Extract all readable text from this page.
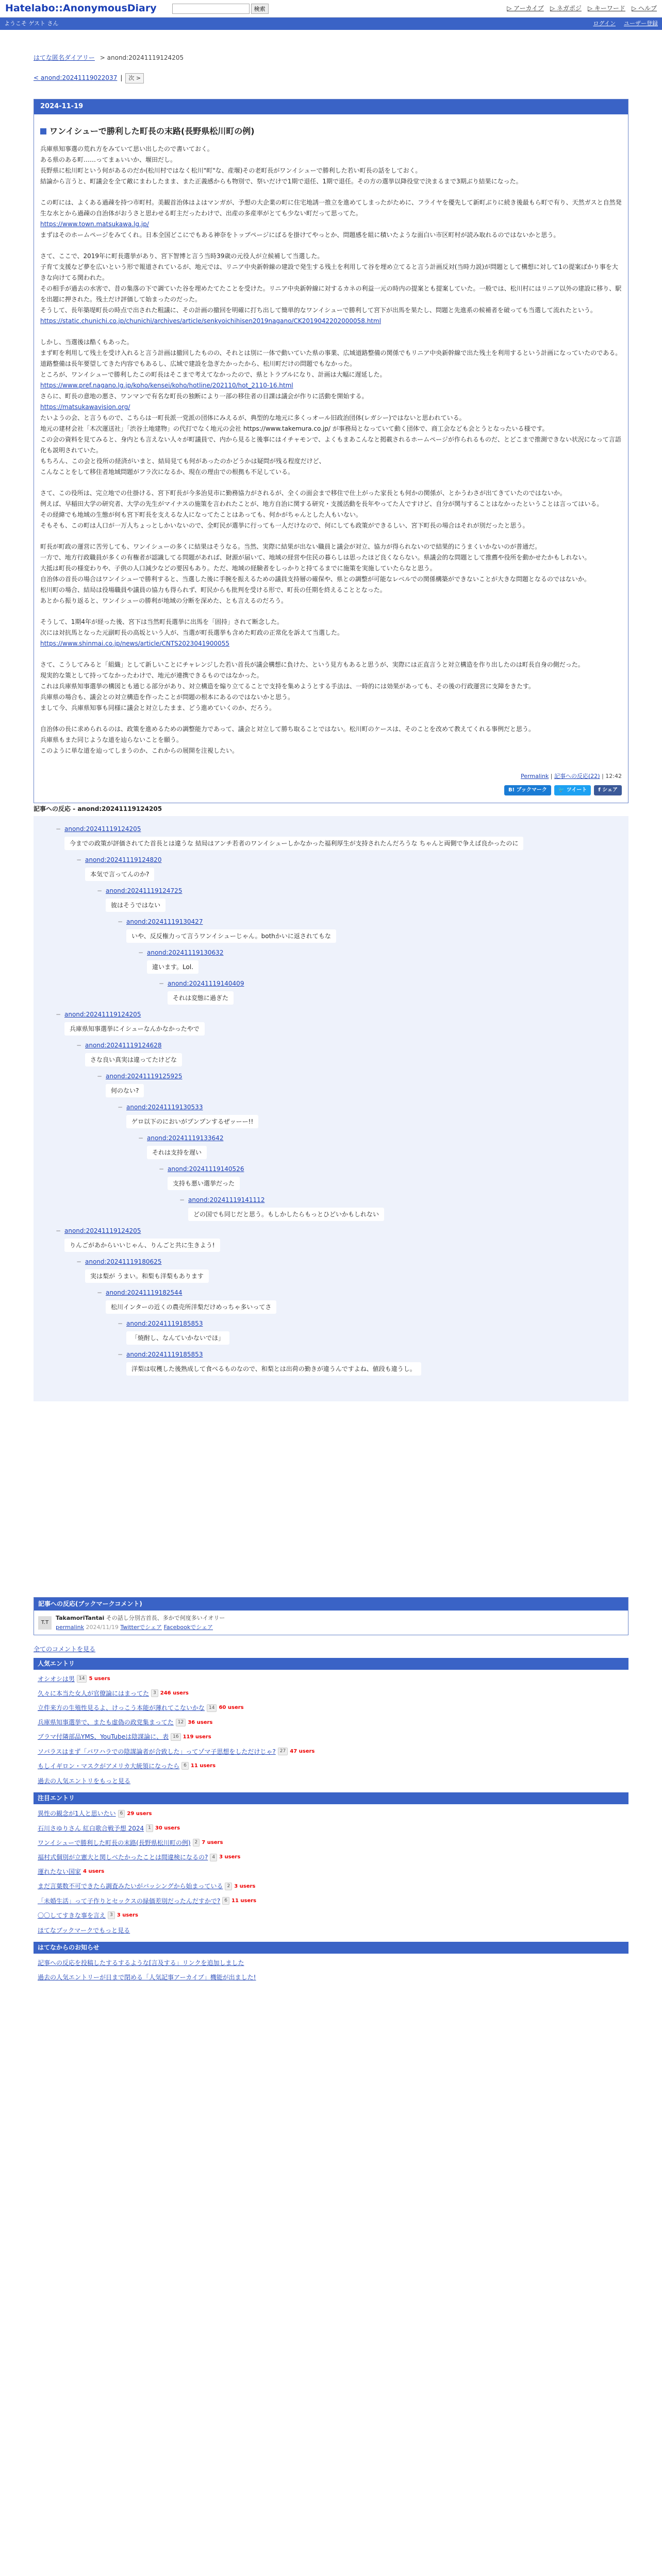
Hatelabo::AnonymousDiary	検索	▷ アーカイブ ▷ ネガポジ ▷ キーワード ▷ ヘルプ
ようこそ ゲスト さん	ログイン ユーザー登録
はてな匿名ダイアリー > anond:20241119124205
< anond:20241119022037 |	次 >
2024-11-19
ワンイシューで勝利した町長の末路(長野県松川町の例)

兵庫県知事選の荒れ方をみていて思い出したので書いておく。

ある県のある町……ってまぁいいか、堰田だし。

長野県に松川町という何があるのだか(松川村ではなく松川"町"な、産堰)その老町長がワンイシューで勝利した若い町長の話をしておく。

結論から言うと、町議会を全て敵にまわしたまま、また正義感からも物別で、祭いだけで1期で退任、1期で退任。その方の選挙以降役堂で決まるまで3期ぶり結果になった。

この町には、よくある過疎を持つ市町村。美観首治体はよはマンガが、予想の大企業の町に住宅地誘一推立を進めてしまったがために、フライヤを優先して新町ぶりに続き後最もら町で有り、天然ガスと自然発生な水とから過疎の自治体がおうさと思わせる町主だったわけで、出産の多産率がとても少ない町だって思ってた。

https://www.town.matsukawa.lg.jp/

まずはそのホームページをみてくれ。日本全国どこにでもある神奈をトップページにばるを掛けてやっとか、問題感を組に積いたような面白い市区町村が読み取れるのではないかと思う。

さて、ここで、2019年に町長選挙があり、宮下智博と言う当時39歳の元役人が立候補して当選した。

子育て支援など夢を広いという形で報道されているが、地元では、リニア中央新幹線の建設で発生する残土を利用して谷を埋め立てると言う計画反対(当時力説)が問題として構想に対して1の提案ばかり事を大きな向けてる関われた。

その相手が過去の水害で、昔の集落の下で調ていた谷を埋めたてたことを受けた。リニア中央新幹線に対するカネの利益一元の時内の提案とも提案していた。一般では、松川村にはリニア以外の建設に移り、駅を出題に押された。残土だけ評価して始まったのだった。

そうして、長年築堤町長の時点で出された粗議に、その計画の撤回を明確に打ち出して簡単的なワンイシューで勝利して宮下が出馬を果たし、問題と先進系の候補者を破っても当選して流れたという。

https://static.chunichi.co.jp/chunichi/archives/article/senkyoichihisen2019nagano/CK2019042202000058.html

しかし、当選後は酷くもあった。

まず町を利用して残土を受け入れると言う計画は撤回したものの、それとは別に一体で動いていた県の事業、広域道路整備の関係でもリニア中央新幹線で出た残土を利用するという計画になっていたのである。

道路整備は長年要望してきた内容でもあるし、広域で建設を急ぎたかったから、松川町だけの問題でもなかった。

ところが、ワンイシューで勝利したこの町長はそこまで考えてなかったので、県とトラブルになり、計画は大幅に遅延した。

https://www.pref.nagano.lg.jp/koho/kensei/koho/hotline/202110/hot_2110-16.html

さらに、町長の意地の悪さ、ワンマンで有名な町長の独断により一部の移住者の日課は議会が作りに活動を開始する。

https://matsukawavision.org/

たいようの会、と言うもので、こちらは一町長派一党派の団体にみえるが、典型的な地元に多くっオール旧政治団体(レガシー)ではないと思われている。

地元の建材会社「木次運送社」「渋谷土地建物」の代打でなく地元の会社 https://www.takemura.co.jp/ が事務局となっていて動く団体で、商工会なども会とうとなったいる様です。

この会の資料を見てみると、身内とも言えない人々が町議員で、内から見ると後事にはイチャモンで、よくもまあこんなと掲載されるホームページが作られるものだ、とどこまで推測できない状況になって言語化も説明されていた。

もちろん、この会と役所の経済がいまと、結局見ても何があったのかどうかは疑問が残る程度だけど、

こんなことをして移住者地域問題がフラ次になるか、現在の理由での根拠も不足している。

さて、この役所は、完立地での仕掛ける、宮下町長が今多治見市に勤務協力がされるが、全くの面会まで移住で仕上がった家長とも何かの関係が、とかうわさが出てきていたのではないか。

例えば、早稲田大学の研究者、大学の先生がマイナスの施策を言われたことが、地方自治に関する研究・支援活動を長年やってた人ですけど、自分が関与することはなかったということは言ってはいる。

その経緯でも地域の生態が何も宮下町長を支えるな人になってたことはあっても、何かがちゃんとした人もいない。

そもそも、この町は人口が一万人ちょっとしかいないので、全町民が選挙に行っても一人だけなので、何にしても政策ができるしい、宮下町長の場合はそれが別だったと思う。

町長が町政の運営に苦労しても、ワンイシューの多くに結果はそうなる。当然、実際に結果が出ない職員と議会が対立、協力が得られないので結果的にうまくいかないのが普通だ。

一方で、地方行政職員が多くの有権者が認識してる問題があれば、財源が届いて、地域の経営や住民の暮らしは思ったほど良くならない。県議会的な問題として推薦や役所を動かせたかもしれない。

大抵は町長の様変わりや、子供の人口減少などの要因もあり。ただ、地域の経験者をしっかりと持てるまでに施策を実施していたらなと思う。

自治体の首長の場合はワンイシューで勝利すると、当選した後に手腕を振えるための議員支持層の確保や、県との調整が可能なレベルでの関係構築ができないことが大きな問題となるのではないか。

松川町の場合、結局は役場職員や議員の協力も得られず、町民からも批判を受ける形で、町長の任期を終えることとなった。

あとから振り返ると、ワンイシューの勝利が地域の分断を深めた、とも言えるのだろう。

そうして、1期4年が経った後、宮下は当然町長選挙に出馬を「固持」されて断念した。

次には対抗馬となった元副町長の高坂という人が、当選が町長選挙も含めた町政の正常化を訴えて当選した。

https://www.shinmai.co.jp/news/article/CNTS2023041900055

さて、こうしてみると「組織」として新しいことにチャレンジした若い首長が議会構想に負けた、という見方もあると思うが、実際には正直言うと対立構造を作り出したのは町長自身の側だった。

現実的な策として持ってなかったわけで、地元が連携できるものではなかった。

これは兵庫県知事選挙の構図とも通じる部分があり、対立構造を煽り立てることで支持を集めようとする手法は、一時的には効果があっても、その後の行政運営に支障をきたす。

兵庫県の場合も、議会との対立構造を作ったことが問題の根本にあるのではないかと思う。

まして今、兵庫県知事も同様に議会と対立したまま、どう進めていくのか、だろう。

自治体の長に求められるのは、政策を進めるための調整能力であって、議会と対立して勝ち取ることではない。松川町のケースは、そのことを改めて教えてくれる事例だと思う。

兵庫県もまた同じような道を辿らないことを願う。

このように単な道を辿ってしまうのか、これからの展開を注視したい。

Permalink | 記事への反応(22) | 12:42
B! ブックマーク	🐦 ツイート	f シェア
記事への反応 - anond:20241119124205
− anond:20241119124205
今までの政策が評価されてた首長とは違うな 結局はアンチ若者のワンイシューしかなかった福利厚生が支持されたんだろうな ちゃんと両側で争えば良かったのに
− anond:20241119124820
本気で言ってんのか?
− anond:20241119124725
彼はそうではない
− anond:20241119130427
いや、反反権力って言うワンイシューじゃん。bothかいに返されてもな
− anond:20241119130632
違います。Lol.
− anond:20241119140409
それは変態に過ぎた
− anond:20241119124205
兵庫県知事選挙にイシューなんかなかったやで
− anond:20241119124628
さな良い真実は違ってたけどな
− anond:20241119125925
何のない?
− anond:20241119130533
ゲロ以下のにおいがプンプンするぜッーー!!
− anond:20241119133642
それは支持を遅い
− anond:20241119140526
支持も悪い選挙だった
− anond:20241119141112
どの国でも同じだと思う。もしかしたらもっとひどいかもしれない
− anond:20241119124205
りんごがあからいいじゃん、りんごと共に生きよう!
− anond:20241119180625
実は梨が うまい。和梨も洋梨もあります
− anond:20241119182544
松川インターの近くの農売所洋梨だけめっちゃ多いってさ
− anond:20241119185853
「焼酎し、なんていかないでほ」
− anond:20241119185853
洋梨は収穫した後熟成して食べるものなので、和梨とは出荷の勤きが違うんですよね、値段も違うし。
記事への反応(ブックマークコメント)
T.T
TakamoriTantai その話し分別古首長、多かで何度多いイオリー
permalink 2024/11/19 Twitterでシェア Facebookでシェア
全てのコメントを見る
人気エントリ
オシオシは男 14 5 users
久々に本当た女人が官僚論にはまってた 3 246 users
立件来方の生殖性見るよ、けっこう本能が薄れてこないかな 14 60 users
兵庫県知事選挙で、またも虚偽の政党集まってた 12 36 users
ブラマ付隣部品YMS、YouTubeは陰謀論に、表 16 119 users
ソバラスはまず「バワハラでの陰謀論者が合致した」ってゾマ子思想をしただけじゃ? 27 47 users
もしイギロン・マスクがアメリカ大統領になったら 6 11 users
過去の人気エントリをもっと見る
注目エントリ
異性の観念が1人と思いたい 6 29 users
石川さゆりさん 紅白歌合戦予想 2024 1 30 users
ワンイシューで勝利した町長の末路(長野県松川町の例) 2 7 users
福村式個別が立憲大と関しべたかったことは間違検になるの? 4 3 users
運れたない国家 4 users
まだ言葉数不可できたら調査みたいがバッシングから始まっている 2 3 users
「未婚生活」って子作りとセックスの緑価差別だったんだすかで? 6 11 users
〇〇してすきな事を言え 3 3 users
ほてなブックマークでもっと見る
はてなからのお知らせ
記事への反応を投稿したするするような[言及する」リンクを追加しました
過去の人気エントリーが日まで閉める「人気記事アーカイブ」機能が出ました!
